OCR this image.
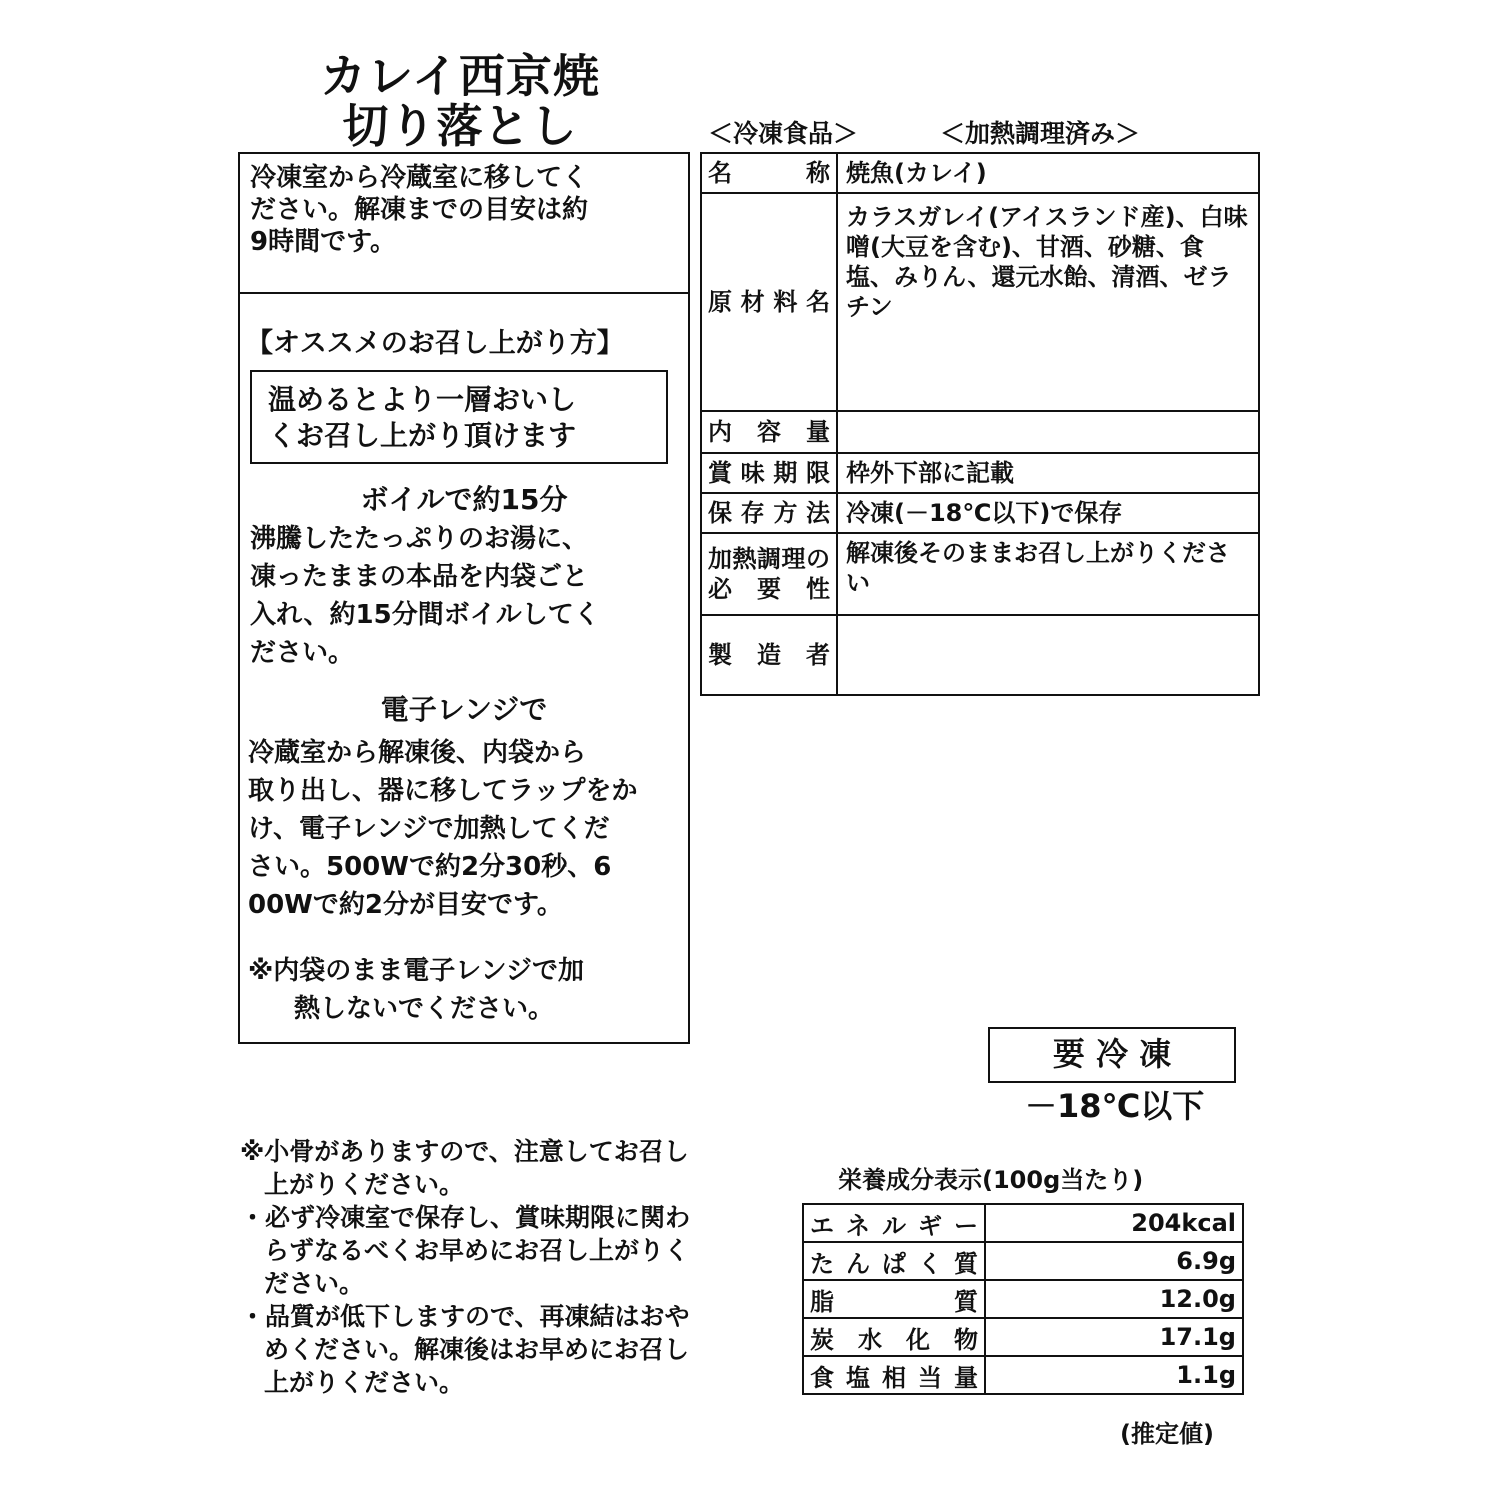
カレイ西京焼
切り落とし
冷凍室から冷蔵室に移してく
ださい。解凍までの目安は約
9時間です。
【オススメのお召し上がり方】
温めるとより一層おいし
くお召し上がり頂けます
ボイルで約15分
沸騰したたっぷりのお湯に、
凍ったままの本品を内袋ごと
入れ、約15分間ボイルしてく
ださい。
電子レンジで
冷蔵室から解凍後、内袋から
取り出し、器に移してラップをか
け、電子レンジで加熱してくだ
さい。500Wで約2分30秒、6
00Wで約2分が目安です。
※内袋のまま電子レンジで加
熱しないでください。
＜冷凍食品＞	＜加熱調理済み＞
名称	焼魚(カレイ)
原材料名	カラスガレイ(アイスランド産)、白味噌(大豆を含む)、甘酒、砂糖、食塩、みりん、還元水飴、清酒、ゼラチン
内容量	
賞味期限	枠外下部に記載
保存方法	冷凍(－18℃以下)で保存
加熱調理の必要性	解凍後そのままお召し上がりください
製造者	
要 冷 凍
－18℃以下
※小骨がありますので、注意してお召し上がりください。
・必ず冷凍室で保存し、賞味期限に関わらずなるべくお早めにお召し上がりください。
・品質が低下しますので、再凍結はおやめください。解凍後はお早めにお召し上がりください。
栄養成分表示(100g当たり)
エネルギー	204kcal
たんぱく質	6.9g
脂質	12.0g
炭水化物	17.1g
食塩相当量	1.1g
(推定値)
